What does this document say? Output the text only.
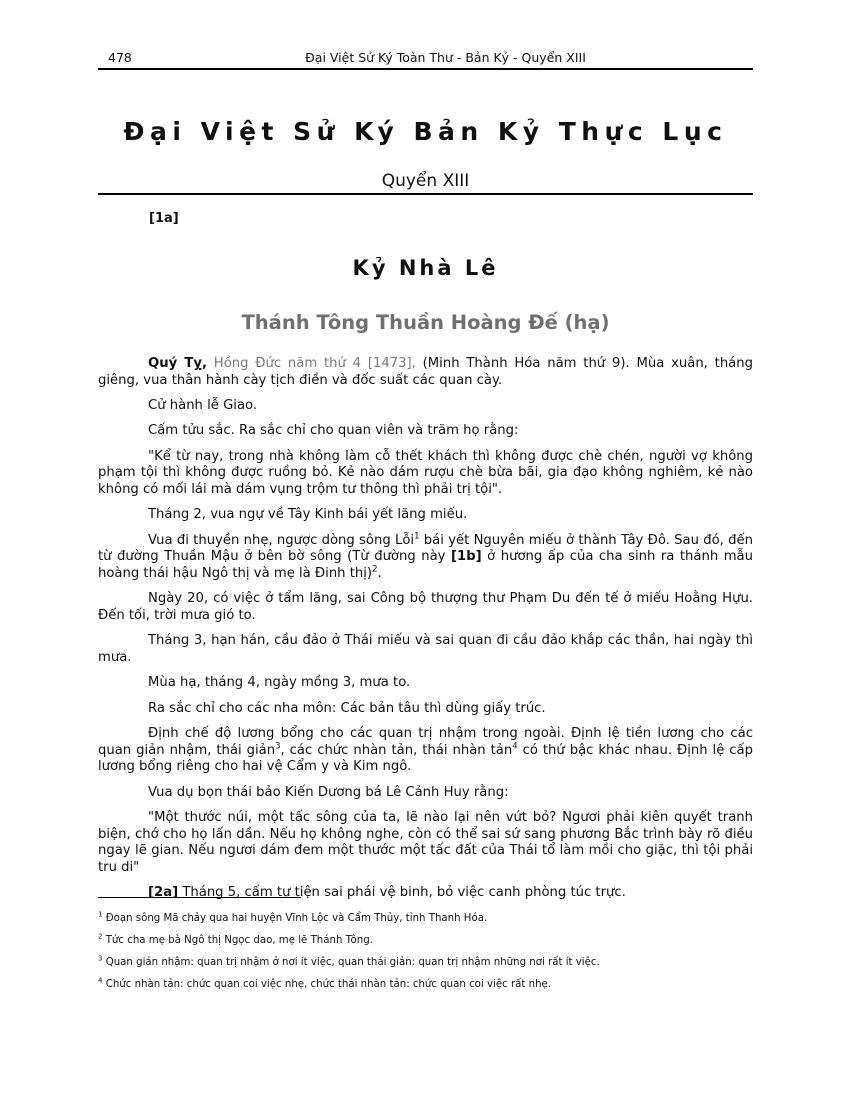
478	Đại Việt Sử Ký Toàn Thư - Bản Kỷ - Quyển XIII
Đại Việt Sử Ký Bản Kỷ Thực Lục
Quyển XIII
[1a]
Kỷ Nhà Lê
Thánh Tông Thuần Hoàng Đế (hạ)

Quý Tỵ, Hồng Đức năm thứ 4 [1473], (Minh Thành Hóa năm thứ 9). Mùa xuân, tháng giêng, vua thân hành cày tịch điền và đốc suất các quan cày.

Cử hành lễ Giao.

Cấm tửu sắc. Ra sắc chỉ cho quan viên và trăm họ rằng:

"Kể từ nay, trong nhà không làm cỗ thết khách thì không được chè chén, người vợ không phạm tội thì không được ruồng bỏ. Kẻ nào dám rượu chè bừa bãi, gia đạo không nghiêm, kẻ nào không có mối lái mà dám vụng trộm tư thông thì phải trị tội".

Tháng 2, vua ngự về Tây Kinh bái yết lăng miếu.

Vua đi thuyền nhẹ, ngược dòng sông Lỗi$^1$ bái yết Nguyên miếu ở thành Tây Đô. Sau đó, đến từ đường Thuần Mậu ở bên bờ sông (Từ đường này [1b] ở hương ấp của cha sinh ra thánh mẫu hoàng thái hậu Ngô thị và mẹ là Đinh thị)$^2$.

Ngày 20, có việc ở tẩm lăng, sai Công bộ thượng thư Phạm Du đến tế ở miếu Hoằng Hựu. Đến tối, trời mưa gió to.

Tháng 3, hạn hán, cầu đảo ở Thái miếu và sai quan đi cầu đảo khắp các thần, hai ngày thì mưa.

Mùa hạ, tháng 4, ngày mồng 3, mưa to.

Ra sắc chỉ cho các nha môn: Các bản tâu thì dùng giấy trúc.

Định chế độ lương bổng cho các quan trị nhậm trong ngoài. Định lệ tiền lương cho các quan giản nhậm, thái giản$^3$, các chức nhàn tản, thái nhàn tản$^4$ có thứ bậc khác nhau. Định lệ cấp lương bổng riêng cho hai vệ Cẩm y và Kim ngô.

Vua dụ bọn thái bảo Kiến Dương bá Lê Cảnh Huy rằng:

"Một thước núi, một tấc sông của ta, lẽ nào lại nên vứt bỏ? Ngươi phải kiên quyết tranh biện, chớ cho họ lấn dần. Nếu họ không nghe, còn có thể sai sứ sang phương Bắc trình bày rõ điều ngay lẽ gian. Nếu ngươi dám đem một thước một tấc đất của Thái tổ làm mồi cho giặc, thì tội phải tru di"

[2a] Tháng 5, cấm tự tiện sai phái vệ binh, bỏ việc canh phòng túc trực.

$^1$ Đoạn sông Mã chảy qua hai huyện Vĩnh Lộc và Cẩm Thủy, tỉnh Thanh Hóa.
$^2$ Tức cha mẹ bà Ngô thị Ngọc dao, mẹ lẽ Thánh Tông.
$^3$ Quan giản nhậm: quan trị nhậm ở nơi ít việc, quan thái giản: quan trị nhậm những nơi rất ít việc.
$^4$ Chức nhàn tản: chức quan coi việc nhẹ, chức thái nhàn tản: chức quan coi việc rất nhẹ.
